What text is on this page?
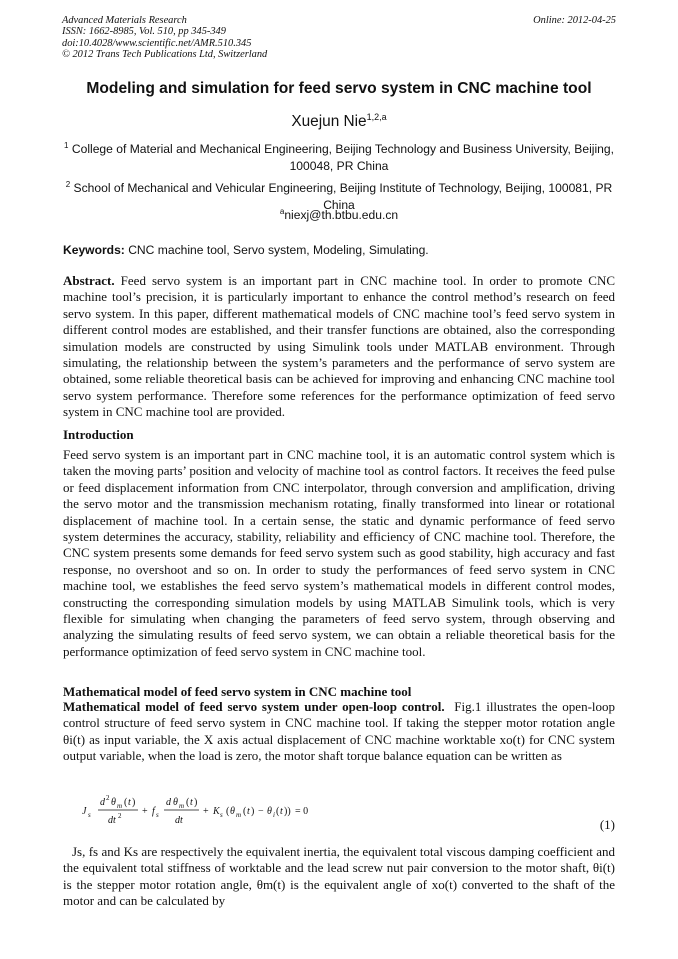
Advanced Materials Research
ISSN: 1662-8985, Vol. 510, pp 345-349
doi:10.4028/www.scientific.net/AMR.510.345
© 2012 Trans Tech Publications Ltd, Switzerland
Online: 2012-04-25
Modeling and simulation for feed servo system in CNC machine tool
Xuejun Nie$^{1,2,a}$
$^1$ College of Material and Mechanical Engineering, Beijing Technology and Business University, Beijing, 100048, PR China
$^2$ School of Mechanical and Vehicular Engineering, Beijing Institute of Technology, Beijing, 100081, PR China
$^a$niexj@th.btbu.edu.cn
Keywords: CNC machine tool, Servo system, Modeling, Simulating.
Abstract. Feed servo system is an important part in CNC machine tool. In order to promote CNC machine tool’s precision, it is particularly important to enhance the control method’s research on feed servo system. In this paper, different mathematical models of CNC machine tool’s feed servo system in different control modes are established, and their transfer functions are obtained, also the corresponding simulation models are constructed by using Simulink tools under MATLAB environment. Through simulating, the relationship between the system’s parameters and the performance of servo system are obtained, some reliable theoretical basis can be achieved for improving and enhancing CNC machine tool servo system performance. Therefore some references for the performance optimization of feed servo system in CNC machine tool are provided.
Introduction
Feed servo system is an important part in CNC machine tool, it is an automatic control system which is taken the moving parts’ position and velocity of machine tool as control factors. It receives the feed pulse or feed displacement information from CNC interpolator, through conversion and amplification, driving the servo motor and the transmission mechanism rotating, finally transformed into linear or rotational displacement of machine tool. In a certain sense, the static and dynamic performance of feed servo system determines the accuracy, stability, reliability and efficiency of CNC machine tool. Therefore, the CNC system presents some demands for feed servo system such as good stability, high accuracy and fast response, no overshoot and so on. In order to study the performances of feed servo system in CNC machine tool, we establishes the feed servo system’s mathematical models in different control modes, constructing the corresponding simulation models by using MATLAB Simulink tools, which is very flexible for simulating when changing the parameters of feed servo system, through observing and analyzing the simulating results of feed servo system, we can obtain a reliable theoretical basis for the performance optimization of feed servo system in CNC machine tool.
Mathematical model of feed servo system in CNC machine tool
Mathematical model of feed servo system under open-loop control. Fig.1 illustrates the open-loop control structure of feed servo system in CNC machine tool. If taking the stepper motor rotation angle θi(t) as input variable, the X axis actual displacement of CNC machine worktable xo(t) for CNC system output variable, when the load is zero, the motor shaft torque balance equation can be written as
J s
d 2 θ m ( t )
dt 2 + f s
d θ m ( t )
dt
+ K s ( θ m ( t ) − θ i ( t )) = 0
(1)
Js, fs and Ks are respectively the equivalent inertia, the equivalent total viscous damping coefficient and the equivalent total stiffness of worktable and the lead screw nut pair conversion to the motor shaft, θi(t) is the stepper motor rotation angle, θm(t) is the equivalent angle of xo(t) converted to the shaft of the motor and can be calculated by
